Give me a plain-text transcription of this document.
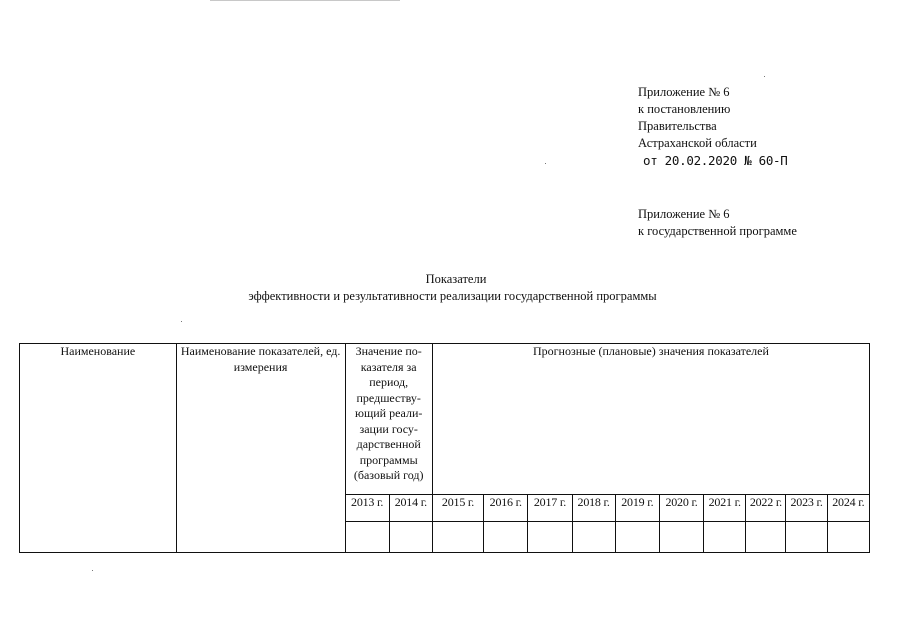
Приложение № 6
к постановлению
Правительства
Астраханской области
от 20.02.2020 № 60-П
Приложение № 6
к государственной программе
Показатели
эффективности и результативности реализации государственной программы
Наименование	Наименование показателей, ед. измерения	Значение по-казателя за период, предшеству-ющий реали-зации госу-дарственной программы (базовый год)		Прогнозные (плановые) значения показателей									
		2013 г.	2014 г.	2015 г.	2016 г.	2017 г.	2018 г.	2019 г.	2020 г.	2021 г.	2022 г.	2023 г.	2024 г.
